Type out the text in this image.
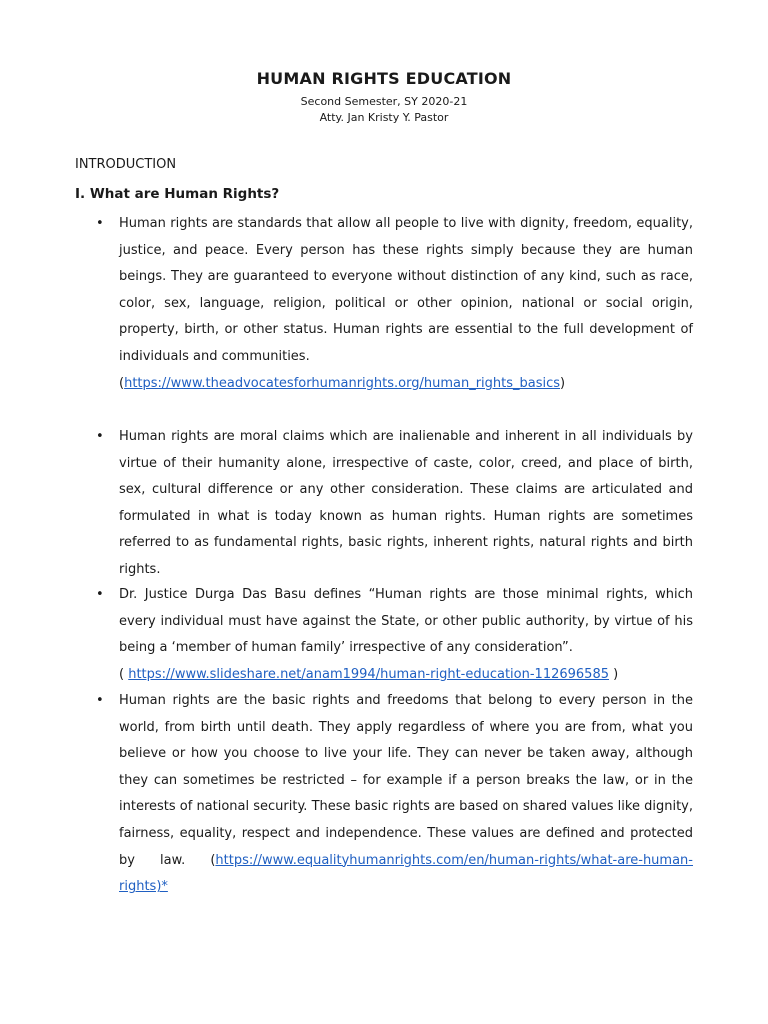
HUMAN RIGHTS EDUCATION
Second Semester, SY 2020-21
Atty. Jan Kristy Y. Pastor
INTRODUCTION
I. What are Human Rights?
• Human rights are standards that allow all people to live with dignity, freedom, equality, justice, and peace. Every person has these rights simply because they are human beings. They are guaranteed to everyone without distinction of any kind, such as race, color, sex, language, religion, political or other opinion, national or social origin, property, birth, or other status. Human rights are essential to the full development of individuals and communities.
(https://www.theadvocatesforhumanrights.org/human_rights_basics)
• Human rights are moral claims which are inalienable and inherent in all individuals by virtue of their humanity alone, irrespective of caste, color, creed, and place of birth, sex, cultural difference or any other consideration. These claims are articulated and formulated in what is today known as human rights. Human rights are sometimes referred to as fundamental rights, basic rights, inherent rights, natural rights and birth rights.
• Dr. Justice Durga Das Basu defines “Human rights are those minimal rights, which every individual must have against the State, or other public authority, by virtue of his being a ‘member of human family’ irrespective of any consideration”.
( https://www.slideshare.net/anam1994/human-right-education-112696585 )
• Human rights are the basic rights and freedoms that belong to every person in the world, from birth until death. They apply regardless of where you are from, what you believe or how you choose to live your life. They can never be taken away, although they can sometimes be restricted – for example if a person breaks the law, or in the interests of national security. These basic rights are based on shared values like dignity, fairness, equality, respect and independence. These values are defined and protected by law. (https://www.equalityhumanrights.com/en/human-rights/what-are-human-rights)*
